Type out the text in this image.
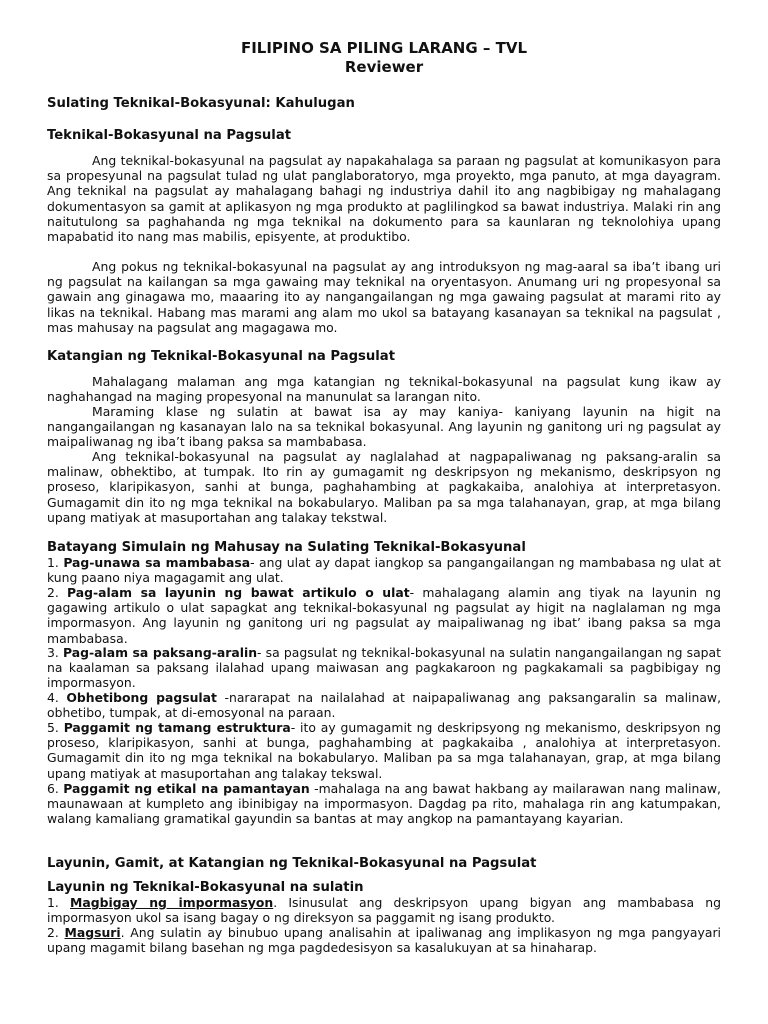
FILIPINO SA PILING LARANG – TVL
Reviewer
Sulating Teknikal-Bokasyunal: Kahulugan
Teknikal-Bokasyunal na Pagsulat
Ang teknikal-bokasyunal na pagsulat ay napakahalaga sa paraan ng pagsulat at komunikasyon para sa propesyunal na pagsulat tulad ng ulat panglaboratoryo, mga proyekto, mga panuto, at mga dayagram. Ang teknikal na pagsulat ay mahalagang bahagi ng industriya dahil ito ang nagbibigay ng mahalagang dokumentasyon sa gamit at aplikasyon ng mga produkto at paglilingkod sa bawat industriya. Malaki rin ang naitutulong sa paghahanda ng mga teknikal na dokumento para sa kaunlaran ng teknolohiya upang mapabatid ito nang mas mabilis, episyente, at produktibo.
Ang pokus ng teknikal-bokasyunal na pagsulat ay ang introduksyon ng mag-aaral sa iba’t ibang uri ng pagsulat na kailangan sa mga gawaing may teknikal na oryentasyon. Anumang uri ng propesyonal sa gawain ang ginagawa mo, maaaring ito ay nangangailangan ng mga gawaing pagsulat at marami rito ay likas na teknikal. Habang mas marami ang alam mo ukol sa batayang kasanayan sa teknikal na pagsulat , mas mahusay na pagsulat ang magagawa mo.
Katangian ng Teknikal-Bokasyunal na Pagsulat
Mahalagang malaman ang mga katangian ng teknikal-bokasyunal na pagsulat kung ikaw ay naghahangad na maging propesyonal na manunulat sa larangan nito.
Maraming klase ng sulatin at bawat isa ay may kaniya- kaniyang layunin na higit na nangangailangan ng kasanayan lalo na sa teknikal bokasyunal. Ang layunin ng ganitong uri ng pagsulat ay maipaliwanag ng iba’t ibang paksa sa mambabasa.
Ang teknikal-bokasyunal na pagsulat ay naglalahad at nagpapaliwanag ng paksang-aralin sa malinaw, obhektibo, at tumpak. Ito rin ay gumagamit ng deskripsyon ng mekanismo, deskripsyon ng proseso, klaripikasyon, sanhi at bunga, paghahambing at pagkakaiba, analohiya at interpretasyon. Gumagamit din ito ng mga teknikal na bokabularyo. Maliban pa sa mga talahanayan, grap, at mga bilang upang matiyak at masuportahan ang talakay tekstwal.
Batayang Simulain ng Mahusay na Sulating Teknikal-Bokasyunal
1. Pag-unawa sa mambabasa- ang ulat ay dapat iangkop sa pangangailangan ng mambabasa ng ulat at kung paano niya magagamit ang ulat.
2. Pag-alam sa layunin ng bawat artikulo o ulat- mahalagang alamin ang tiyak na layunin ng gagawing artikulo o ulat sapagkat ang teknikal-bokasyunal ng pagsulat ay higit na naglalaman ng mga impormasyon. Ang layunin ng ganitong uri ng pagsulat ay maipaliwanag ng ibat’ ibang paksa sa mga mambabasa.
3. Pag-alam sa paksang-aralin- sa pagsulat ng teknikal-bokasyunal na sulatin nangangailangan ng sapat na kaalaman sa paksang ilalahad upang maiwasan ang pagkakaroon ng pagkakamali sa pagbibigay ng impormasyon.
4. Obhetibong pagsulat -nararapat na nailalahad at naipapaliwanag ang paksangaralin sa malinaw, obhetibo, tumpak, at di-emosyonal na paraan.
5. Paggamit ng tamang estruktura- ito ay gumagamit ng deskripsyong ng mekanismo, deskripsyon ng proseso, klaripikasyon, sanhi at bunga, paghahambing at pagkakaiba , analohiya at interpretasyon. Gumagamit din ito ng mga teknikal na bokabularyo. Maliban pa sa mga talahanayan, grap, at mga bilang upang matiyak at masuportahan ang talakay tekswal.
6. Paggamit ng etikal na pamantayan -mahalaga na ang bawat hakbang ay mailarawan nang malinaw, maunawaan at kumpleto ang ibinibigay na impormasyon. Dagdag pa rito, mahalaga rin ang katumpakan, walang kamaliang gramatikal gayundin sa bantas at may angkop na pamantayang kayarian.
Layunin, Gamit, at Katangian ng Teknikal-Bokasyunal na Pagsulat
Layunin ng Teknikal-Bokasyunal na sulatin
1. Magbigay ng impormasyon. Isinusulat ang deskripsyon upang bigyan ang mambabasa ng impormasyon ukol sa isang bagay o ng direksyon sa paggamit ng isang produkto.
2. Magsuri. Ang sulatin ay binubuo upang analisahin at ipaliwanag ang implikasyon ng mga pangyayari upang magamit bilang basehan ng mga pagdedesisyon sa kasalukuyan at sa hinaharap.
